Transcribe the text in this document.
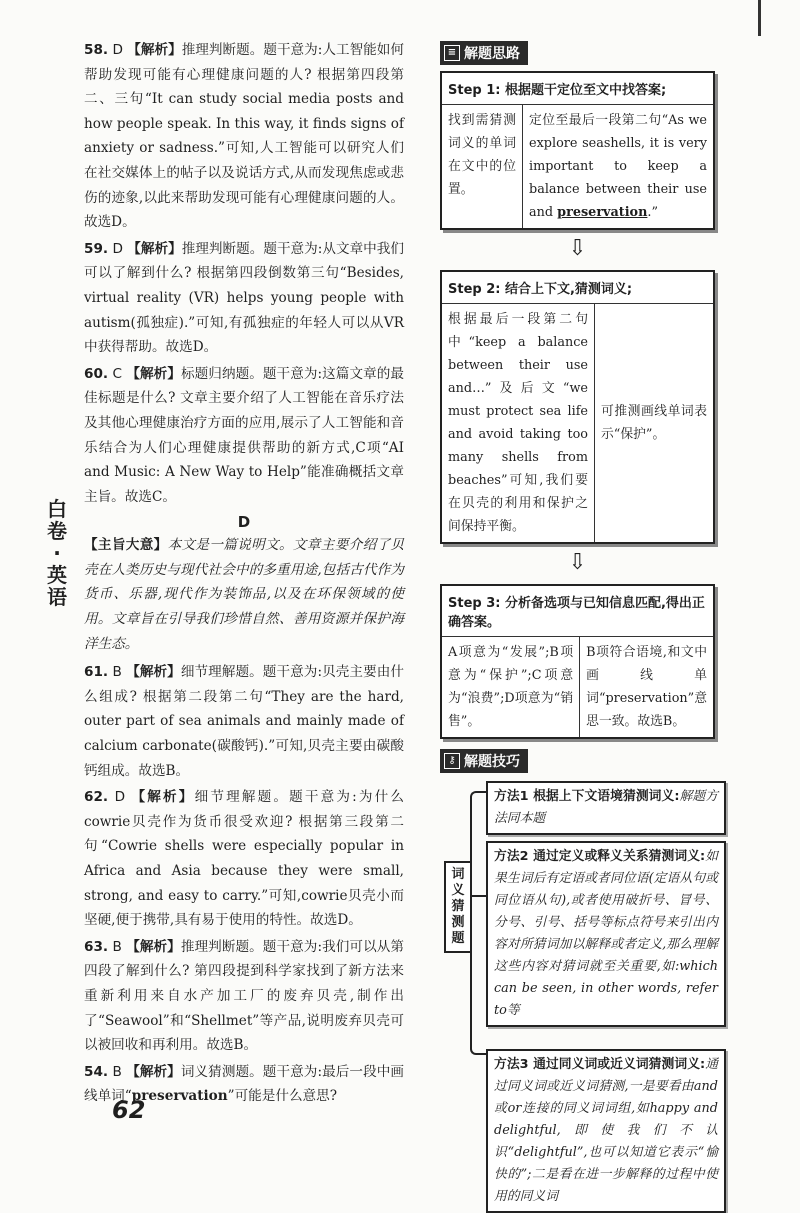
白
卷
·
英
语
58. D 【解析】推理判断题。题干意为:人工智能如何帮助发现可能有心理健康问题的人? 根据第四段第二、三句“It can study social media posts and how people speak. In this way, it finds signs of anxiety or sadness.”可知,人工智能可以研究人们在社交媒体上的帖子以及说话方式,从而发现焦虑或悲伤的迹象,以此来帮助发现可能有心理健康问题的人。故选D。
59. D 【解析】推理判断题。题干意为:从文章中我们可以了解到什么? 根据第四段倒数第三句“Besides, virtual reality (VR) helps young people with autism(孤独症).”可知,有孤独症的年轻人可以从VR中获得帮助。故选D。
60. C 【解析】标题归纳题。题干意为:这篇文章的最佳标题是什么? 文章主要介绍了人工智能在音乐疗法及其他心理健康治疗方面的应用,展示了人工智能和音乐结合为人们心理健康提供帮助的新方式,C项“AI and Music: A New Way to Help”能准确概括文章主旨。故选C。
D
【主旨大意】本文是一篇说明文。文章主要介绍了贝壳在人类历史与现代社会中的多重用途,包括古代作为货币、乐器,现代作为装饰品,以及在环保领域的使用。文章旨在引导我们珍惜自然、善用资源并保护海洋生态。
61. B 【解析】细节理解题。题干意为:贝壳主要由什么组成? 根据第二段第二句“They are the hard, outer part of sea animals and mainly made of calcium carbonate(碳酸钙).”可知,贝壳主要由碳酸钙组成。故选B。
62. D 【解析】细节理解题。题干意为:为什么cowrie贝壳作为货币很受欢迎? 根据第三段第二句“Cowrie shells were especially popular in Africa and Asia because they were small, strong, and easy to carry.”可知,cowrie贝壳小而坚硬,便于携带,具有易于使用的特性。故选D。
63. B 【解析】推理判断题。题干意为:我们可以从第四段了解到什么? 第四段提到科学家找到了新方法来重新利用来自水产加工厂的废弃贝壳,制作出了“Seawool”和“Shellmet”等产品,说明废弃贝壳可以被回收和再利用。故选B。
54. B 【解析】词义猜测题。题干意为:最后一段中画线单词“preservation”可能是什么意思?
62
≡ 解题思路
Step 1: 根据题干定位至文中找答案;
找到需猜测词义的单词在文中的位置。
定位至最后一段第二句“As we explore seashells, it is very important to keep a balance between their use and preservation.”
⇩
Step 2: 结合上下文,猜测词义;
根据最后一段第二句中“keep a balance between their use and…”及后文“we must protect sea life and avoid taking too many shells from beaches”可知,我们要在贝壳的利用和保护之间保持平衡。
可推测画线单词表示“保护”。
⇩
Step 3: 分析备选项与已知信息匹配,得出正确答案。
A项意为“发展”;B项意为“保护”;C项意为“浪费”;D项意为“销售”。
B项符合语境,和文中画线单词“preservation”意思一致。故选B。
⚷ 解题技巧
词
义
猜
测
题
方法1 根据上下文语境猜测词义:解题方法同本题
方法2 通过定义或释义关系猜测词义:如果生词后有定语或者同位语(定语从句或同位语从句),或者使用破折号、冒号、分号、引号、括号等标点符号来引出内容对所猜词加以解释或者定义,那么理解这些内容对猜词就至关重要,如:which can be seen, in other words, refer to等
方法3 通过同义词或近义词猜测词义:通过同义词或近义词猜测,一是要看由and或or连接的同义词词组,如happy and delightful,即使我们不认识“delightful”,也可以知道它表示“愉快的”;二是看在进一步解释的过程中使用的同义词
